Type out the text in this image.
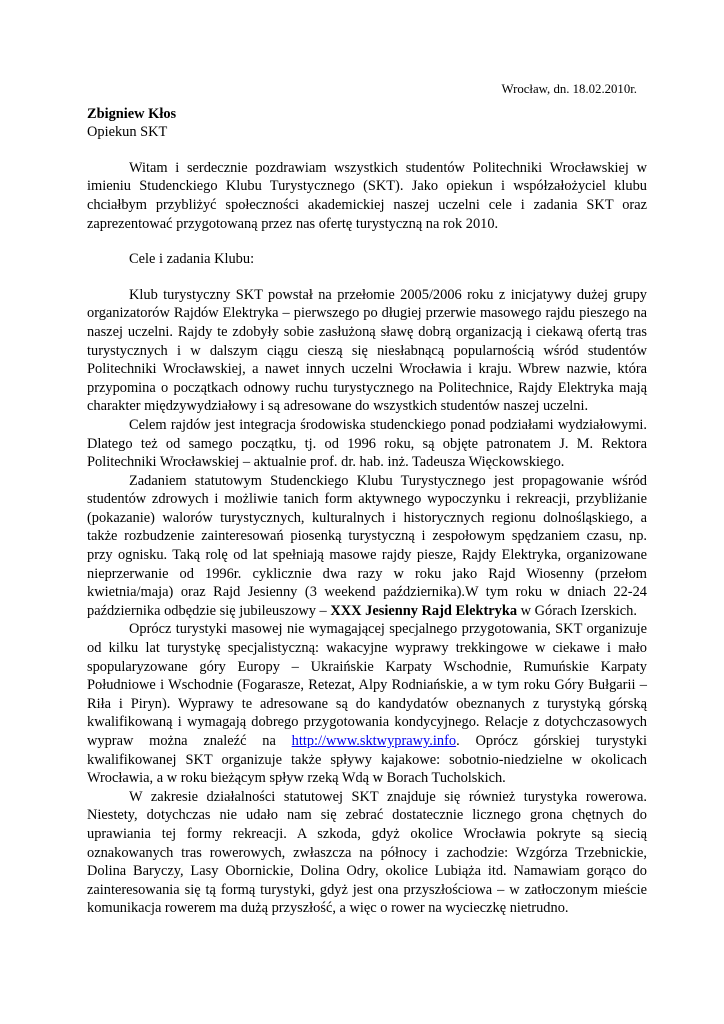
Wrocław, dn. 18.02.2010r.
Zbigniew Kłos
Opiekun SKT

Witam i serdecznie pozdrawiam wszystkich studentów Politechniki Wrocławskiej w imieniu Studenckiego Klubu Turystycznego (SKT). Jako opiekun i współzałożyciel klubu chciałbym przybliżyć społeczności akademickiej naszej uczelni cele i zadania SKT oraz zaprezentować przygotowaną przez nas ofertę turystyczną na rok 2010.

Cele i zadania Klubu:

Klub turystyczny SKT powstał na przełomie 2005/2006 roku z inicjatywy dużej grupy organizatorów Rajdów Elektryka – pierwszego po długiej przerwie masowego rajdu pieszego na naszej uczelni. Rajdy te zdobyły sobie zasłużoną sławę dobrą organizacją i ciekawą ofertą tras turystycznych i w dalszym ciągu cieszą się niesłabnącą popularnością wśród studentów Politechniki Wrocławskiej, a nawet innych uczelni Wrocławia i kraju. Wbrew nazwie, która przypomina o początkach odnowy ruchu turystycznego na Politechnice, Rajdy Elektryka mają charakter międzywydziałowy i są adresowane do wszystkich studentów naszej uczelni.

Celem rajdów jest integracja środowiska studenckiego ponad podziałami wydziałowymi. Dlatego też od samego początku, tj. od 1996 roku, są objęte patronatem J. M. Rektora Politechniki Wrocławskiej – aktualnie prof. dr. hab. inż. Tadeusza Więckowskiego.

Zadaniem statutowym Studenckiego Klubu Turystycznego jest propagowanie wśród studentów zdrowych i możliwie tanich form aktywnego wypoczynku i rekreacji, przybliżanie (pokazanie) walorów turystycznych, kulturalnych i historycznych regionu dolnośląskiego, a także rozbudzenie zainteresowań piosenką turystyczną i zespołowym spędzaniem czasu, np. przy ognisku. Taką rolę od lat spełniają masowe rajdy piesze, Rajdy Elektryka, organizowane nieprzerwanie od 1996r. cyklicznie dwa razy w roku jako Rajd Wiosenny (przełom kwietnia/maja) oraz Rajd Jesienny (3 weekend października).W tym roku w dniach 22-24 października odbędzie się jubileuszowy – XXX Jesienny Rajd Elektryka w Górach Izerskich.

Oprócz turystyki masowej nie wymagającej specjalnego przygotowania, SKT organizuje od kilku lat turystykę specjalistyczną: wakacyjne wyprawy trekkingowe w ciekawe i mało spopularyzowane góry Europy – Ukraińskie Karpaty Wschodnie, Rumuńskie Karpaty Południowe i Wschodnie (Fogarasze, Retezat, Alpy Rodniańskie, a w tym roku Góry Bułgarii – Riła i Piryn). Wyprawy te adresowane są do kandydatów obeznanych z turystyką górską kwalifikowaną i wymagają dobrego przygotowania kondycyjnego. Relacje z dotychczasowych wypraw można znaleźć na http://www.sktwyprawy.info. Oprócz górskiej turystyki kwalifikowanej SKT organizuje także spływy kajakowe: sobotnio-niedzielne w okolicach Wrocławia, a w roku bieżącym spływ rzeką Wdą w Borach Tucholskich.

W zakresie działalności statutowej SKT znajduje się również turystyka rowerowa. Niestety, dotychczas nie udało nam się zebrać dostatecznie licznego grona chętnych do uprawiania tej formy rekreacji. A szkoda, gdyż okolice Wrocławia pokryte są siecią oznakowanych tras rowerowych, zwłaszcza na północy i zachodzie: Wzgórza Trzebnickie, Dolina Baryczy, Lasy Obornickie, Dolina Odry, okolice Lubiąża itd. Namawiam gorąco do zainteresowania się tą formą turystyki, gdyż jest ona przyszłościowa – w zatłoczonym mieście komunikacja rowerem ma dużą przyszłość, a więc o rower na wycieczkę nietrudno.
